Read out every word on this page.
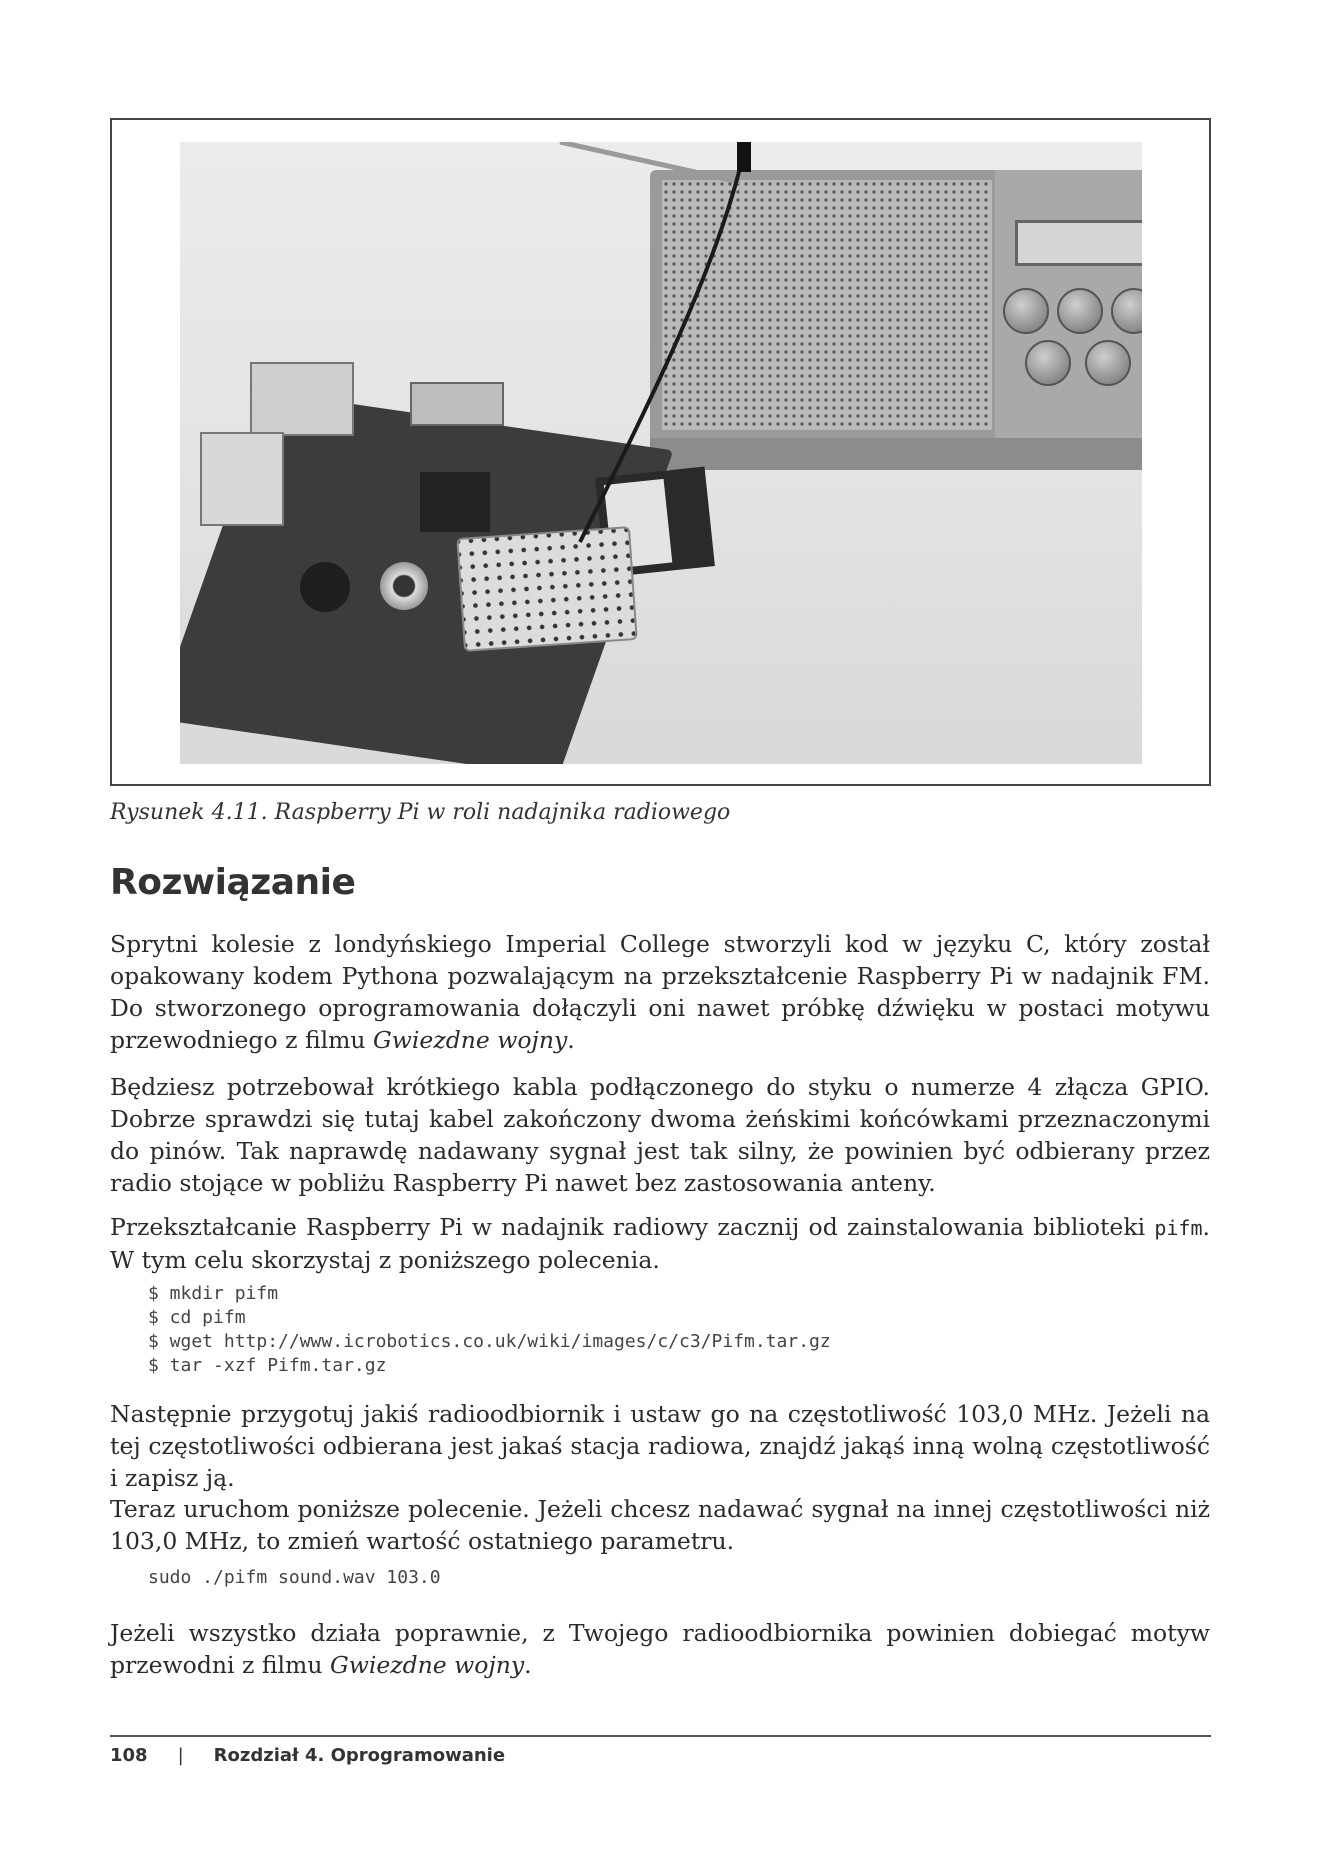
Rysunek 4.11. Raspberry Pi w roli nadajnika radiowego
Rozwiązanie

Sprytni kolesie z londyńskiego Imperial College stworzyli kod w języku C, który został opakowany kodem Pythona pozwalającym na przekształcenie Raspberry Pi w nadajnik FM. Do stworzonego oprogramowania dołączyli oni nawet próbkę dźwięku w postaci motywu przewodniego z filmu Gwiezdne wojny.

Będziesz potrzebował krótkiego kabla podłączonego do styku o numerze 4 złącza GPIO. Dobrze sprawdzi się tutaj kabel zakończony dwoma żeńskimi końcówkami przeznaczonymi do pinów. Tak naprawdę nadawany sygnał jest tak silny, że powinien być odbierany przez radio stojące w pobliżu Raspberry Pi nawet bez zastosowania anteny.

Przekształcanie Raspberry Pi w nadajnik radiowy zacznij od zainstalowania biblioteki pifm. W tym celu skorzystaj z poniższego polecenia.

$ mkdir pifm
$ cd pifm
$ wget http://www.icrobotics.co.uk/wiki/images/c/c3/Pifm.tar.gz
$ tar -xzf Pifm.tar.gz

Następnie przygotuj jakiś radioodbiornik i ustaw go na częstotliwość 103,0 MHz. Jeżeli na tej częstotliwości odbierana jest jakaś stacja radiowa, znajdź jakąś inną wolną częstotliwość i zapisz ją.

Teraz uruchom poniższe polecenie. Jeżeli chcesz nadawać sygnał na innej częstotliwości niż 103,0 MHz, to zmień wartość ostatniego parametru.

sudo ./pifm sound.wav 103.0

Jeżeli wszystko działa poprawnie, z Twojego radioodbiornika powinien dobiegać motyw przewodni z filmu Gwiezdne wojny.

108 | Rozdział 4. Oprogramowanie
